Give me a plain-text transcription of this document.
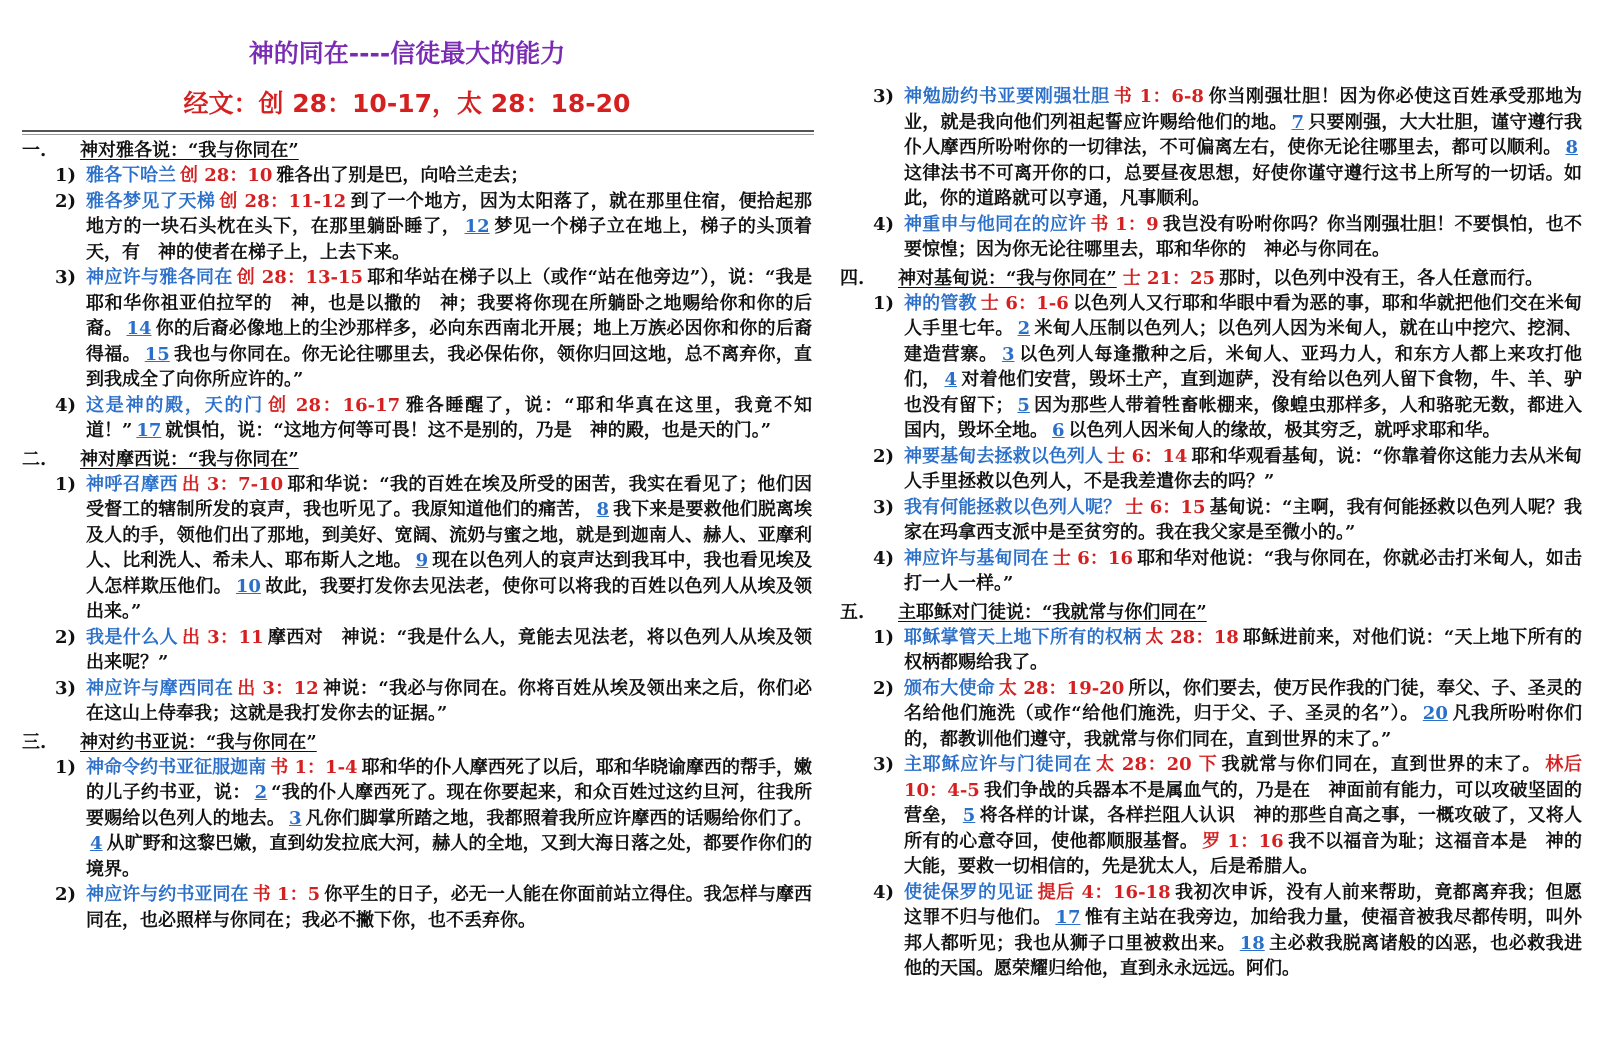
神的同在----信徒最大的能力
经文：创 28：10-17，太 28：18-20
一.	神对雅各说：“我与你同在”
1) 雅各下哈兰 创 28：10 雅各出了别是巴，向哈兰走去；
2) 雅各梦见了天梯 创 28：11-12 到了一个地方，因为太阳落了，就在那里住宿，便拾起那地方的一块石头枕在头下，在那里躺卧睡了， 12 梦见一个梯子立在地上，梯子的头顶着天，有　神的使者在梯子上，上去下来。
3) 神应许与雅各同在 创 28：13-15 耶和华站在梯子以上（或作“站在他旁边”），说：“我是耶和华你祖亚伯拉罕的　神，也是以撒的　神；我要将你现在所躺卧之地赐给你和你的后裔。 14 你的后裔必像地上的尘沙那样多，必向东西南北开展；地上万族必因你和你的后裔得福。 15 我也与你同在。你无论往哪里去，我必保佑你，领你归回这地，总不离弃你，直到我成全了向你所应许的。”
4) 这是神的殿，天的门 创 28：16-17 雅各睡醒了，说：“耶和华真在这里，我竟不知道！” 17 就惧怕，说：“这地方何等可畏！这不是别的，乃是　神的殿，也是天的门。”
二.	神对摩西说：“我与你同在”
1) 神呼召摩西 出 3：7-10 耶和华说：“我的百姓在埃及所受的困苦，我实在看见了；他们因受督工的辖制所发的哀声，我也听见了。我原知道他们的痛苦， 8 我下来是要救他们脱离埃及人的手，领他们出了那地，到美好、宽阔、流奶与蜜之地，就是到迦南人、赫人、亚摩利人、比利洗人、希未人、耶布斯人之地。 9 现在以色列人的哀声达到我耳中，我也看见埃及人怎样欺压他们。 10 故此，我要打发你去见法老，使你可以将我的百姓以色列人从埃及领出来。”
2) 我是什么人 出 3：11 摩西对　神说：“我是什么人，竟能去见法老，将以色列人从埃及领出来呢？”
3) 神应许与摩西同在 出 3：12 神说：“我必与你同在。你将百姓从埃及领出来之后，你们必在这山上侍奉我；这就是我打发你去的证据。”
三.	神对约书亚说：“我与你同在”
1) 神命令约书亚征服迦南 书 1：1-4 耶和华的仆人摩西死了以后，耶和华晓谕摩西的帮手，嫩的儿子约书亚，说： 2 “我的仆人摩西死了。现在你要起来，和众百姓过这约旦河，往我所要赐给以色列人的地去。 3 凡你们脚掌所踏之地，我都照着我所应许摩西的话赐给你们了。4 从旷野和这黎巴嫩，直到幼发拉底大河，赫人的全地，又到大海日落之处，都要作你们的境界。
2) 神应许与约书亚同在 书 1：5 你平生的日子，必无一人能在你面前站立得住。我怎样与摩西同在，也必照样与你同在；我必不撇下你，也不丢弃你。
3) 神勉励约书亚要刚强壮胆 书 1：6-8 你当刚强壮胆！因为你必使这百姓承受那地为业，就是我向他们列祖起誓应许赐给他们的地。 7 只要刚强，大大壮胆，谨守遵行我仆人摩西所吩咐你的一切律法，不可偏离左右，使你无论往哪里去，都可以顺利。 8这律法书不可离开你的口，总要昼夜思想，好使你谨守遵行这书上所写的一切话。如此，你的道路就可以亨通，凡事顺利。
4) 神重申与他同在的应许 书 1：9 我岂没有吩咐你吗？你当刚强壮胆！不要惧怕，也不要惊惶；因为你无论往哪里去，耶和华你的　神必与你同在。
四.	神对基甸说：“我与你同在” 士 21：25 那时，以色列中没有王，各人任意而行。
1) 神的管教 士 6：1-6 以色列人又行耶和华眼中看为恶的事，耶和华就把他们交在米甸人手里七年。 2 米甸人压制以色列人；以色列人因为米甸人，就在山中挖穴、挖洞、建造营寨。 3 以色列人每逢撒种之后，米甸人、亚玛力人，和东方人都上来攻打他们， 4 对着他们安营，毁坏土产，直到迦萨，没有给以色列人留下食物，牛、羊、驴也没有留下； 5 因为那些人带着牲畜帐棚来，像蝗虫那样多，人和骆驼无数，都进入国内，毁坏全地。 6 以色列人因米甸人的缘故，极其穷乏，就呼求耶和华。
2) 神要基甸去拯救以色列人 士 6：14 耶和华观看基甸，说：“你靠着你这能力去从米甸人手里拯救以色列人，不是我差遣你去的吗？”
3) 我有何能拯救以色列人呢？ 士 6：15 基甸说：“主啊，我有何能拯救以色列人呢？我家在玛拿西支派中是至贫穷的。我在我父家是至微小的。”
4) 神应许与基甸同在 士 6：16 耶和华对他说：“我与你同在，你就必击打米甸人，如击打一人一样。”
五.	主耶稣对门徒说：“我就常与你们同在”
1) 耶稣掌管天上地下所有的权柄 太 28：18 耶稣进前来，对他们说：“天上地下所有的权柄都赐给我了。
2) 颁布大使命 太 28：19-20 所以，你们要去，使万民作我的门徒，奉父、子、圣灵的名给他们施洗（或作“给他们施洗，归于父、子、圣灵的名”）。 20 凡我所吩咐你们的，都教训他们遵守，我就常与你们同在，直到世界的末了。”
3) 主耶稣应许与门徒同在 太 28：20 下 我就常与你们同在，直到世界的末了。 林后 10：4-5 我们争战的兵器本不是属血气的，乃是在　神面前有能力，可以攻破坚固的营垒， 5 将各样的计谋，各样拦阻人认识　神的那些自高之事，一概攻破了，又将人所有的心意夺回，使他都顺服基督。 罗 1：16 我不以福音为耻；这福音本是　神的大能，要救一切相信的，先是犹太人，后是希腊人。
4) 使徒保罗的见证 提后 4：16-18 我初次申诉，没有人前来帮助，竟都离弃我；但愿这罪不归与他们。 17 惟有主站在我旁边，加给我力量，使福音被我尽都传明，叫外邦人都听见；我也从狮子口里被救出来。 18 主必救我脱离诸般的凶恶，也必救我进他的天国。愿荣耀归给他，直到永永远远。阿们。
